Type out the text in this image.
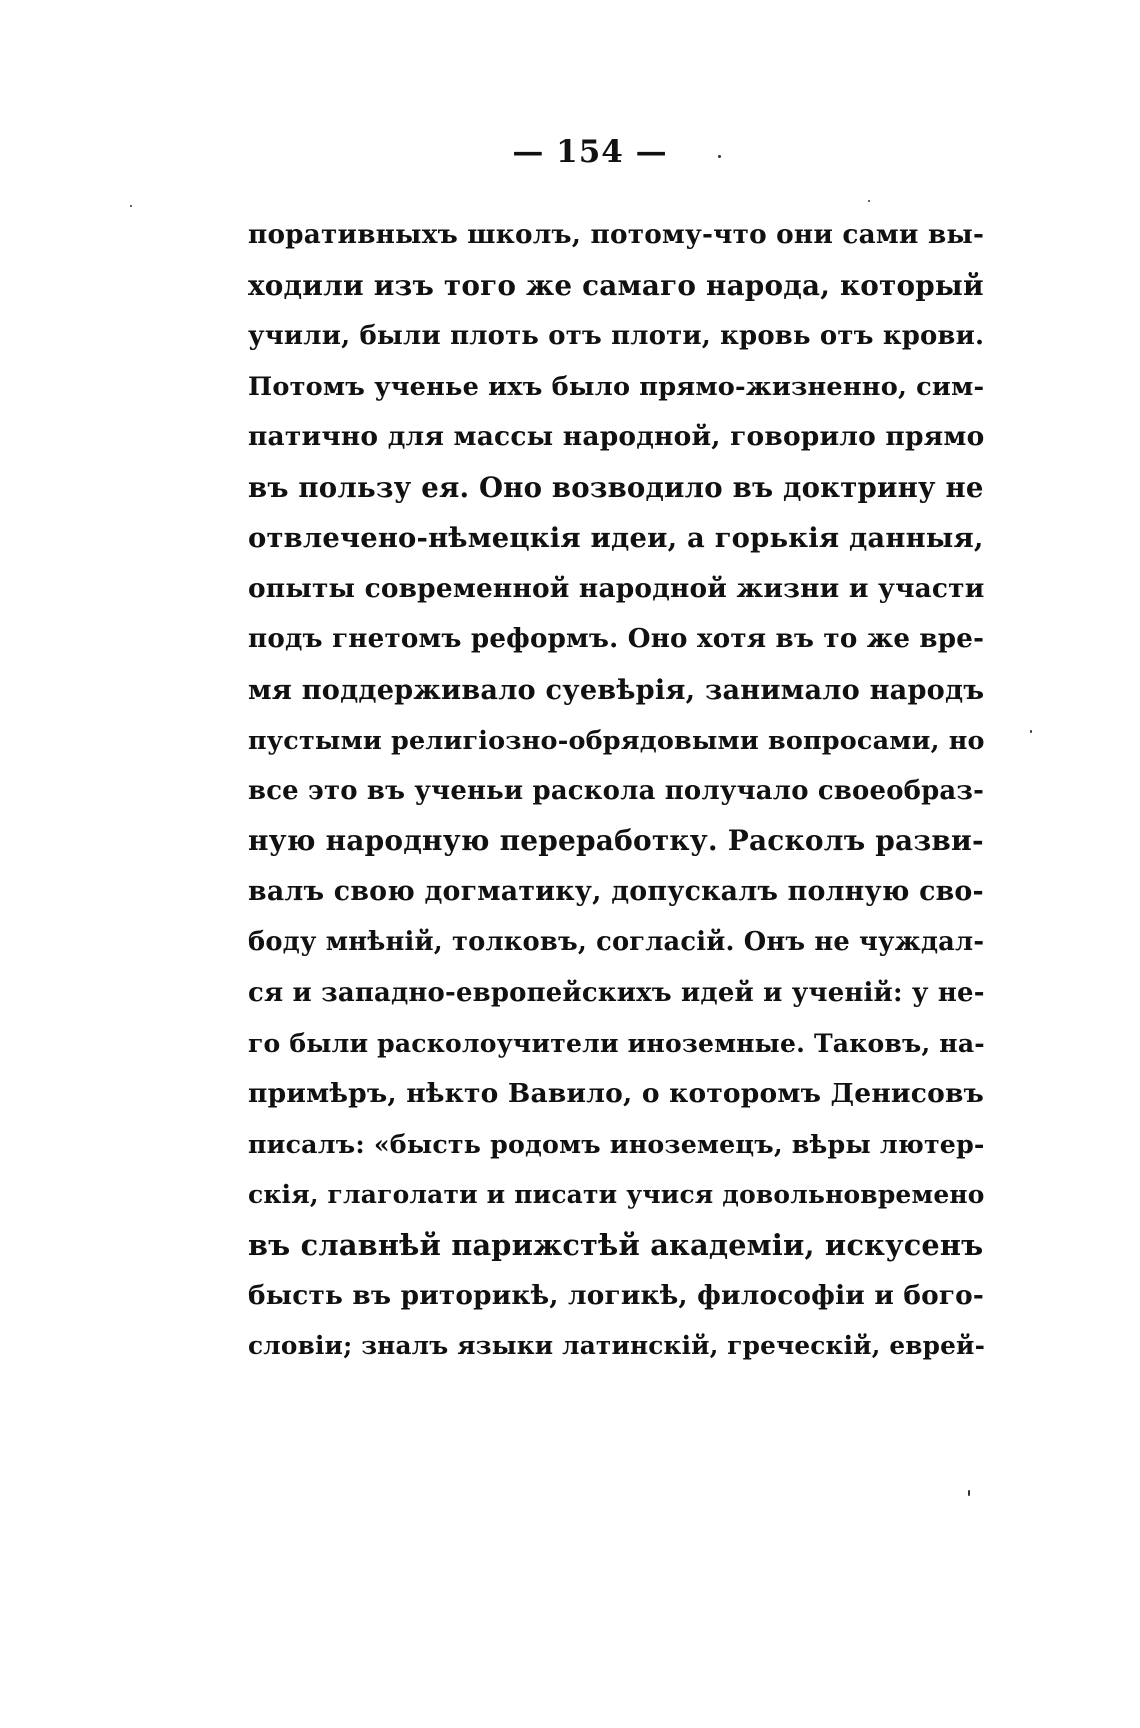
— 154 —
поративныхъ школъ, потому-что они сами вы-
ходили изъ того же самаго народа, который
учили, были плоть отъ плоти, кровь отъ крови.
Потомъ ученье ихъ было прямо-жизненно, сим-
патично для массы народной, говорило прямо
въ пользу ея. Оно возводило въ доктрину не
отвлечено-нѣмецкія идеи, а горькія данныя,
опыты современной народной жизни и участи
подъ гнетомъ реформъ. Оно хотя въ то же вре-
мя поддерживало суевѣрія, занимало народъ
пустыми религіозно-обрядовыми вопросами, но
все это въ ученьи раскола получало своеобраз-
ную народную переработку. Расколъ разви-
валъ свою догматику, допускалъ полную сво-
боду мнѣній, толковъ, согласій. Онъ не чуждал-
ся и западно-европейскихъ идей и ученій: у не-
го были расколоучители иноземные. Таковъ, на-
примѣръ, нѣкто Вавило, о которомъ Денисовъ
писалъ: «бысть родомъ иноземецъ, вѣры лютер-
скія, глаголати и писати учися довольновремено
въ славнѣй парижстѣй академіи, искусенъ
бысть въ риторикѣ, логикѣ, философіи и бого-
словіи; зналъ языки латинскій, греческій, еврей-
